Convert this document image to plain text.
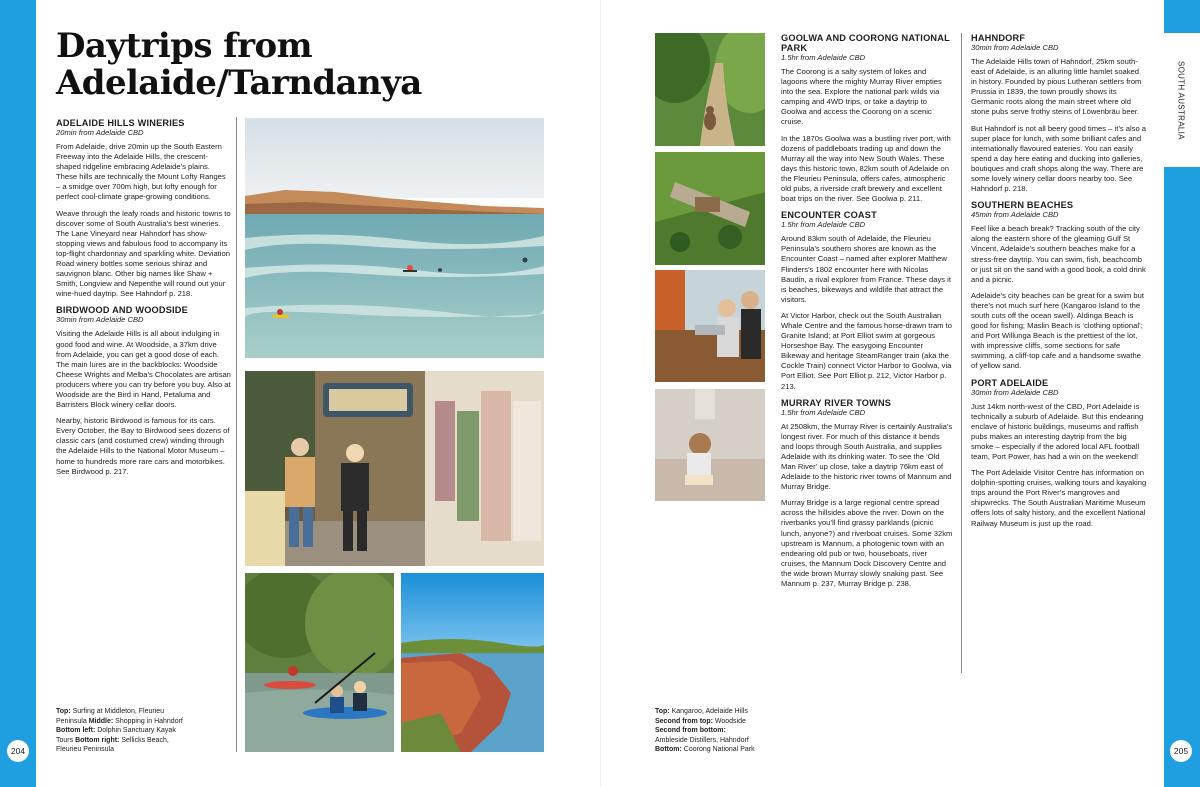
SOUTH AUSTRALIA
204	205
Daytrips from
Adelaide/Tarndanya
ADELAIDE HILLS WINERIES
20min from Adelaide CBD

From Adelaide, drive 20min up the South Eastern Freeway into the Adelaide Hills, the crescent-shaped ridgeline embracing Adelaide’s plains. These hills are technically the Mount Lofty Ranges – a smidge over 700m high, but lofty enough for perfect cool-climate grape-growing conditions.

Weave through the leafy roads and historic towns to discover some of South Australia’s best wineries. The Lane Vineyard near Hahndorf has show-stopping views and fabulous food to accompany its top-flight chardonnay and sparkling white. Deviation Road winery bottles some serious shiraz and sauvignon blanc. Other big names like Shaw + Smith, Longview and Nepenthe will round out your wine-hued daytrip. See Hahndorf p. 218.

BIRDWOOD AND WOODSIDE
30min from Adelaide CBD

Visiting the Adelaide Hills is all about indulging in good food and wine. At Woodside, a 37km drive from Adelaide, you can get a good dose of each. The main lures are in the backblocks: Woodside Cheese Wrights and Melba’s Chocolates are artisan producers where you can try before you buy. Also at Woodside are the Bird in Hand, Petaluma and Barristers Block winery cellar doors.

Nearby, historic Birdwood is famous for its cars. Every October, the Bay to Birdwood sees dozens of classic cars (and costumed crew) winding through the Adelaide Hills to the National Motor Museum – home to hundreds more rare cars and motorbikes. See Birdwood p. 217.

Top: Surfing at Middleton, Fleurieu
Peninsula Middle: Shopping in Hahndorf
Bottom left: Dolphin Sanctuary Kayak
Tours Bottom right: Sellicks Beach,
Fleurieu Peninsula
Top: Kangaroo, Adelaide Hills
Second from top: Woodside
Second from bottom:
Ambleside Distillers, Hahndorf
Bottom: Coorong National Park
GOOLWA AND COORONG NATIONAL PARK
1.5hr from Adelaide CBD

The Coorong is a salty system of lokes and lagoons where the mighty Murray River empties into the sea. Explore the national park wilds via camping and 4WD trips, or take a daytrip to Goolwa and access the Coorong on a scenic cruise.

In the 1870s Goolwa was a bustling river port, with dozens of paddleboats trading up and down the Murray all the way into New South Wales. These days this historic town, 82km south of Adelaide on the Fleurieu Peninsula, offers cafes, atmospheric old pubs, a riverside craft brewery and excellent boat trips on the river. See Goolwa p. 211.

ENCOUNTER COAST
1.5hr from Adelaide CBD

Around 83km south of Adelaide, the Fleurieu Peninsula’s southern shores are known as the Encounter Coast – named after explorer Matthew Flinders’s 1802 encounter here with Nicolas Baudin, a rival explorer from France. These days it is beaches, bikeways and wildlife that attract the visitors.

At Victor Harbor, check out the South Australian Whale Centre and the famous horse-drawn tram to Granite Island; at Port Elliot swim at gorgeous Horseshoe Bay. The easygoing Encounter Bikeway and heritage SteamRanger train (aka the Cockle Train) connect Victor Harbor to Goolwa, via Port Elliot. See Port Elliot p. 212, Victor Harbor p. 213.

MURRAY RIVER TOWNS
1.5hr from Adelaide CBD

At 2508km, the Murray River is certainly Australia’s longest river. For much of this distance it bends and loops through South Australia, and supplies Adelaide with its drinking water. To see the ‘Old Man River’ up close, take a daytrip 76km east of Adelaide to the historic river towns of Mannum and Murray Bridge.

Murray Bridge is a large regional centre spread across the hillsides above the river. Down on the riverbanks you’ll find grassy parklands (picnic lunch, anyone?) and riverboat cruises. Some 32km upstream is Mannum, a photogenic town with an endearing old pub or two, houseboats, river cruises, the Mannum Dock Discovery Centre and the wide brown Murray slowly snaking past. See Mannum p. 237, Murray Bridge p. 238.

HAHNDORF
30min from Adelaide CBD

The Adelaide Hills town of Hahndorf, 25km south-east of Adelaide, is an alluring little hamlet soaked in history. Founded by pious Lutheran settlers from Prussia in 1839, the town proudly shows its Germanic roots along the main street where old stone pubs serve frothy steins of Löwenbräu beer.

But Hahndorf is not all beery good times – it’s also a super place for lunch, with some brilliant cafes and internationally flavoured eateries. You can easily spend a day here eating and ducking into galleries, boutiques and craft shops along the way. There are some lovely winery cellar doors nearby too. See Hahndorf p. 218.

SOUTHERN BEACHES
45min from Adelaide CBD

Feel like a beach break? Tracking south of the city along the eastern shore of the gleaming Gulf St Vincent, Adelaide’s southern beaches make for a stress-free daytrip. You can swim, fish, beachcomb or just sit on the sand with a good book, a cold drink and a picnic.

Adelaide’s city beaches can be great for a swim but there’s not much surf here (Kangaroo Island to the south cuts off the ocean swell). Aldinga Beach is good for fishing; Maslin Beach is ‘clothing optional’; and Port Willunga Beach is the prettiest of the lot, with impressive cliffs, some sections for safe swimming, a cliff-top cafe and a handsome swathe of yellow sand.

PORT ADELAIDE
30min from Adelaide CBD

Just 14km north-west of the CBD, Port Adelaide is technically a suburb of Adelaide. But this endearing enclave of historic buildings, museums and raffish pubs makes an interesting daytrip from the big smoke – especially if the adored local AFL football team, Port Power, has had a win on the weekend!

The Port Adelaide Visitor Centre has information on dolphin-spotting cruises, walking tours and kayaking trips around the Port River’s mangroves and shipwrecks. The South Australian Maritime Museum offers lots of salty history, and the excellent National Railway Museum is just up the road.
